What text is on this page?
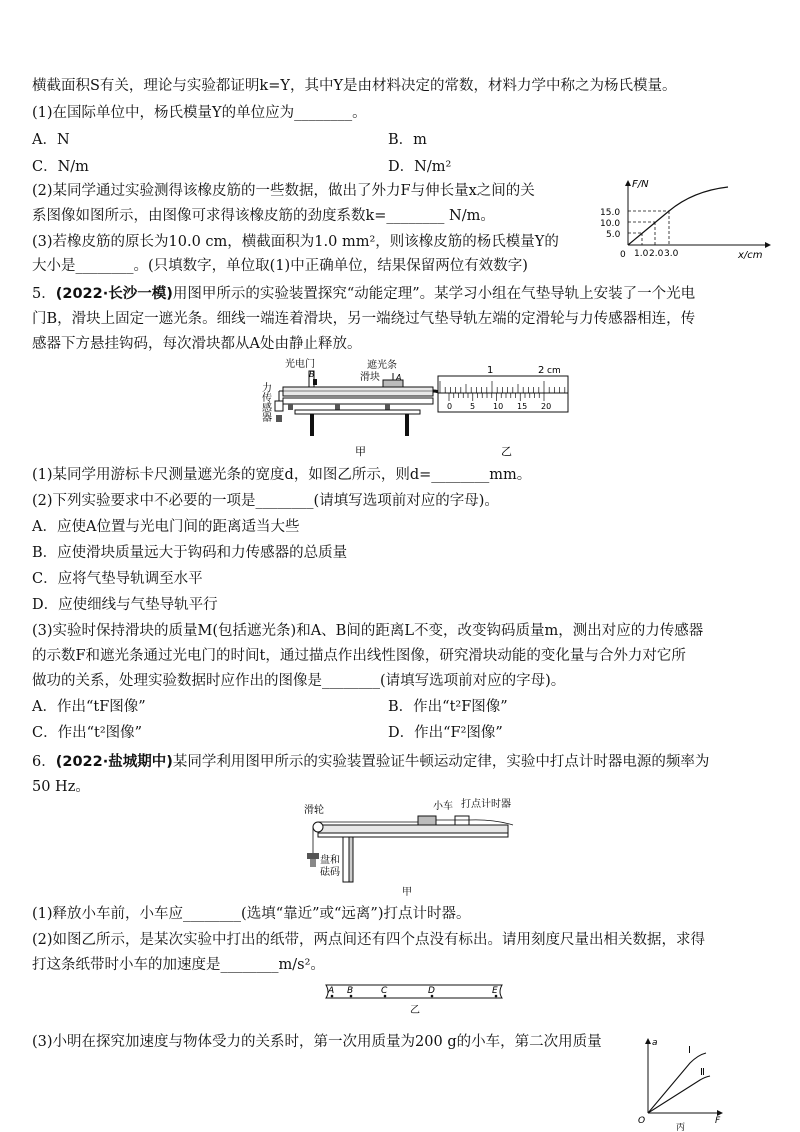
横截面积S有关，理论与实验都证明k=Y，其中Y是由材料决定的常数，材料力学中称之为杨氏模量。
(1)在国际单位中，杨氏模量Y的单位应为________。
A．N	B．m
C．N/m	D．N/m²
(2)某同学通过实验测得该橡皮筋的一些数据，做出了外力F与伸长量x之间的关
系图像如图所示，由图像可求得该橡皮筋的劲度系数k=________ N/m。
(3)若橡皮筋的原长为10.0 cm，横截面积为1.0 mm²，则该橡皮筋的杨氏模量Y的
大小是________。(只填数字，单位取(1)中正确单位，结果保留两位有效数字)
F/N
x/cm
0
15.0
10.0
5.0
1.0 2.0 3.0
5．(2022·长沙一模)用图甲所示的实验装置探究“动能定理”。某学习小组在气垫导轨上安装了一个光电
门B，滑块上固定一遮光条。细线一端连着滑块，另一端绕过气垫导轨左端的定滑轮与力传感器相连，传
感器下方悬挂钩码，每次滑块都从A处由静止释放。
光电门
B
遮光条
滑块 A
力
传
感
器
甲
1	2 cm
0 5 10 15 20
乙
(1)某同学用游标卡尺测量遮光条的宽度d，如图乙所示，则d=________mm。
(2)下列实验要求中不必要的一项是________(请填写选项前对应的字母)。
A．应使A位置与光电门间的距离适当大些
B．应使滑块质量远大于钩码和力传感器的总质量
C．应将气垫导轨调至水平
D．应使细线与气垫导轨平行
(3)实验时保持滑块的质量M(包括遮光条)和A、B间的距离L不变，改变钩码质量m，测出对应的力传感器
的示数F和遮光条通过光电门的时间t，通过描点作出线性图像，研究滑块动能的变化量与合外力对它所
做功的关系，处理实验数据时应作出的图像是________(请填写选项前对应的字母)。
A．作出“tF图像”	B．作出“t²F图像”
C．作出“t²图像”	D．作出“F²图像”
6．(2022·盐城期中)某同学利用图甲所示的实验装置验证牛顿运动定律，实验中打点计时器电源的频率为
50 Hz。
滑轮	小车 打点计时器
盘和
砝码
甲
(1)释放小车前，小车应________(选填“靠近”或“远离”)打点计时器。
(2)如图乙所示，是某次实验中打出的纸带，两点间还有四个点没有标出。请用刻度尺量出相关数据，求得
打这条纸带时小车的加速度是________m/s²。
A B	C	D	E
乙
(3)小明在探究加速度与物体受力的关系时，第一次用质量为200 g的小车，第二次用质量	a
F
O
Ⅰ
Ⅱ
丙
